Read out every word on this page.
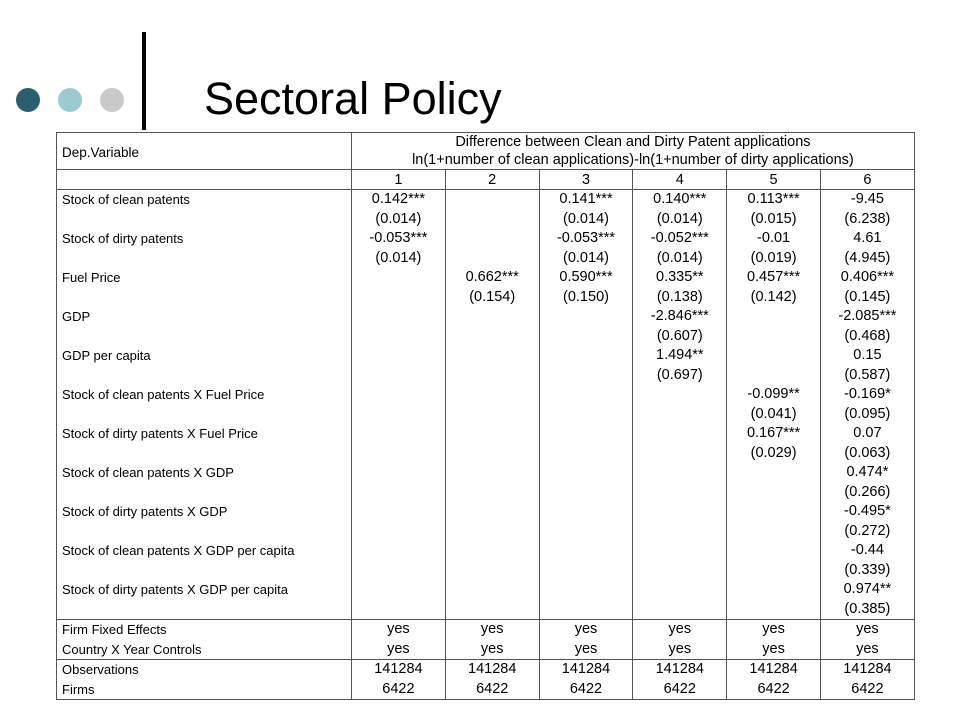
Sectoral Policy
Dep.Variable	Difference between Clean and Dirty Patent applications					
	ln(1+number of clean applications)-ln(1+number of dirty applications)					
	1	2	3	4	5	6
Stock of clean patents	0.142***		0.141***	0.140***	0.113***	-9.45
	(0.014)		(0.014)	(0.014)	(0.015)	(6.238)
Stock of dirty patents	-0.053***		-0.053***	-0.052***	-0.01	4.61
	(0.014)		(0.014)	(0.014)	(0.019)	(4.945)
Fuel Price		0.662***	0.590***	0.335**	0.457***	0.406***
		(0.154)	(0.150)	(0.138)	(0.142)	(0.145)
GDP				-2.846***		-2.085***
				(0.607)		(0.468)
GDP per capita				1.494**		0.15
				(0.697)		(0.587)
Stock of clean patents X Fuel Price					-0.099**	-0.169*
					(0.041)	(0.095)
Stock of dirty patents X Fuel Price					0.167***	0.07
					(0.029)	(0.063)
Stock of clean patents X GDP						0.474*
						(0.266)
Stock of dirty patents X GDP						-0.495*
						(0.272)
Stock of clean patents X GDP per capita						-0.44
						(0.339)
Stock of dirty patents X GDP per capita						0.974**
						(0.385)
Firm Fixed Effects	yes	yes	yes	yes	yes	yes
Country X Year Controls	yes	yes	yes	yes	yes	yes
Observations	141284	141284	141284	141284	141284	141284
Firms	6422	6422	6422	6422	6422	6422
